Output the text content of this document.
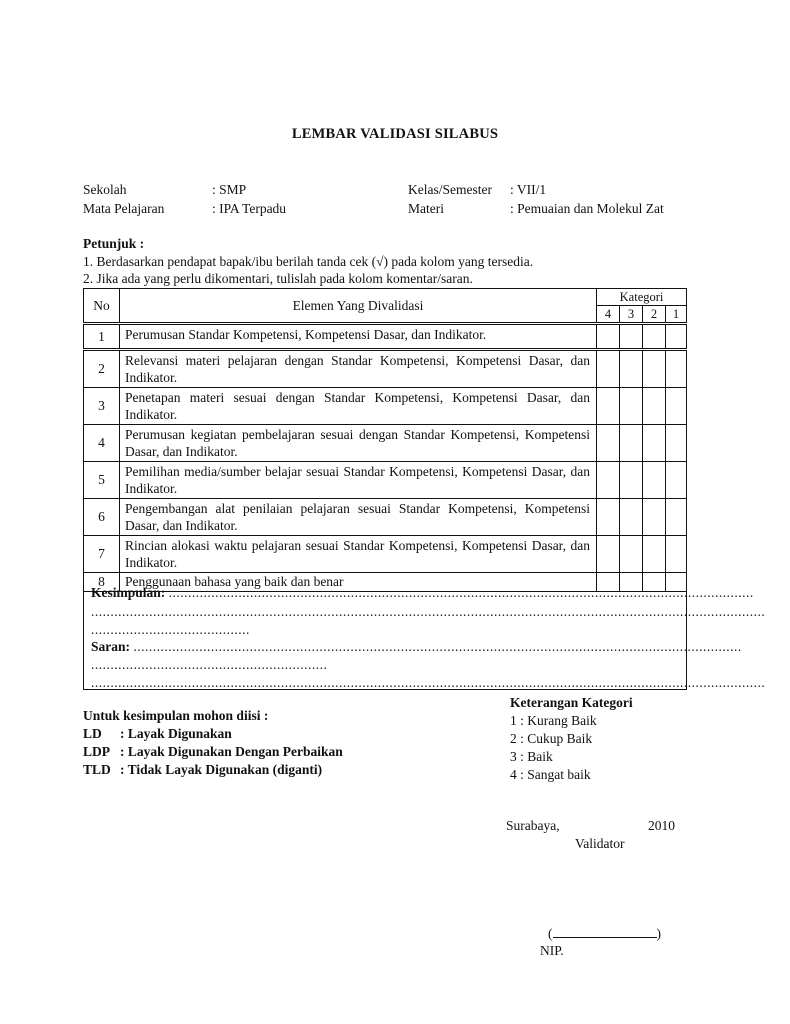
LEMBAR VALIDASI SILABUS
Sekolah	: SMP
Mata Pelajaran	: IPA Terpadu
Kelas/Semester : VII/1
Materi	: Pemuaian dan Molekul Zat
Petunjuk :
1. Berdasarkan pendapat bapak/ibu berilah tanda cek (√) pada kolom yang tersedia.
2. Jika ada yang perlu dikomentari, tulislah pada kolom komentar/saran.
No	Elemen Yang Divalidasi	Kategori			
		4	3	2	1
1	Perumusan Standar Kompetensi, Kompetensi Dasar, dan Indikator.				
2	Relevansi materi pelajaran dengan Standar Kompetensi, Kompetensi Dasar, dan Indikator.				
3	Penetapan materi sesuai dengan Standar Kompetensi, Kompetensi Dasar, dan Indikator.				
4	Perumusan kegiatan pembelajaran sesuai dengan Standar Kompetensi, Kompetensi Dasar, dan Indikator.				
5	Pemilihan media/sumber belajar sesuai Standar Kompetensi, Kompetensi Dasar, dan Indikator.				
6	Pengembangan alat penilaian pelajaran sesuai Standar Kompetensi, Kompetensi Dasar, dan Indikator.				
7	Rincian alokasi waktu pelajaran sesuai Standar Kompetensi, Kompetensi Dasar, dan Indikator.				
8	Penggunaan bahasa yang baik dan benar				
Kesimpulan: .......................................................................................................................................................
..............................................................................................................................................................................
.........................................
Saran: .............................................................................................................................................................
.............................................................
..............................................................................................................................................................................
Keterangan Kategori
1 : Kurang Baik
2 : Cukup Baik
3 : Baik
4 : Sangat baik
Untuk kesimpulan mohon diisi :
LD : Layak Digunakan
LDP : Layak Digunakan Dengan Perbaikan
TLD : Tidak Layak Digunakan (diganti)
Surabaya,	2010
Validator
(	)
NIP.
